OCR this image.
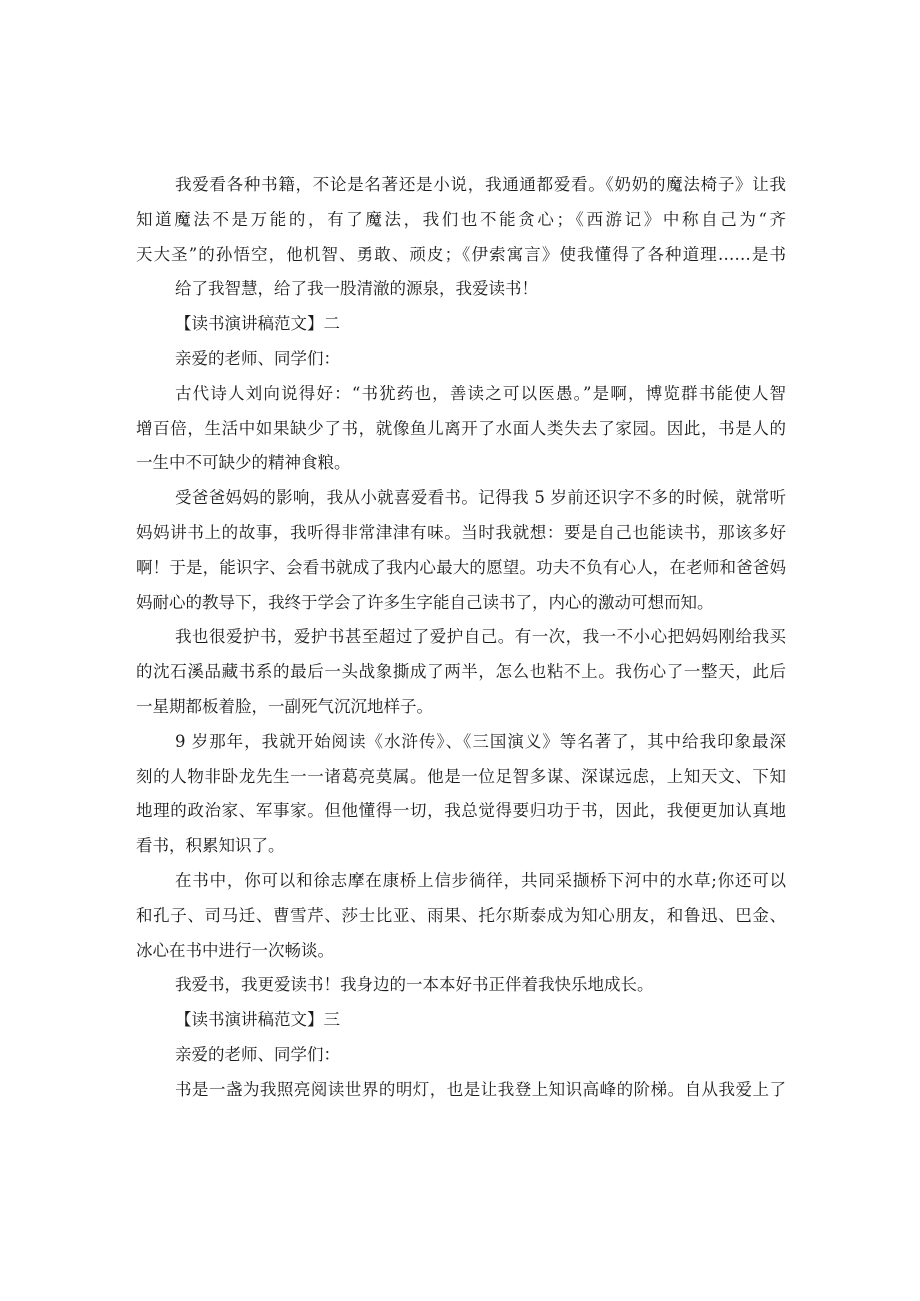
我爱看各种书籍，不论是名著还是小说，我通通都爱看。《奶奶的魔法椅子》让我
知道魔法不是万能的，有了魔法，我们也不能贪心；《西游记》中称自己为“齐
天大圣”的孙悟空，他机智、勇敢、顽皮；《伊索寓言》使我懂得了各种道理……是书
给了我智慧，给了我一股清澈的源泉，我爱读书！
【读书演讲稿范文】二
亲爱的老师、同学们：
古代诗人刘向说得好：“书犹药也，善读之可以医愚。”是啊，博览群书能使人智
增百倍，生活中如果缺少了书，就像鱼儿离开了水面人类失去了家园。因此，书是人的
一生中不可缺少的精神食粮。
受爸爸妈妈的影响，我从小就喜爱看书。记得我 5 岁前还识字不多的时候，就常听
妈妈讲书上的故事，我听得非常津津有味。当时我就想：要是自己也能读书，那该多好
啊！于是，能识字、会看书就成了我内心最大的愿望。功夫不负有心人，在老师和爸爸妈
妈耐心的教导下，我终于学会了许多生字能自己读书了，内心的激动可想而知。
我也很爱护书，爱护书甚至超过了爱护自己。有一次，我一不小心把妈妈刚给我买
的沈石溪品藏书系的最后一头战象撕成了两半，怎么也粘不上。我伤心了一整天，此后
一星期都板着脸，一副死气沉沉地样子。
9 岁那年，我就开始阅读《水浒传》、《三国演义》等名著了，其中给我印象最深
刻的人物非卧龙先生一一诸葛亮莫属。他是一位足智多谋、深谋远虑，上知天文、下知
地理的政治家、军事家。但他懂得一切，我总觉得要归功于书，因此，我便更加认真地
看书，积累知识了。
在书中，你可以和徐志摩在康桥上信步徜徉，共同采撷桥下河中的水草;你还可以
和孔子、司马迁、曹雪芹、莎士比亚、雨果、托尔斯泰成为知心朋友，和鲁迅、巴金、
冰心在书中进行一次畅谈。
我爱书，我更爱读书！我身边的一本本好书正伴着我快乐地成长。
【读书演讲稿范文】三
亲爱的老师、同学们：
书是一盏为我照亮阅读世界的明灯，也是让我登上知识高峰的阶梯。自从我爱上了
